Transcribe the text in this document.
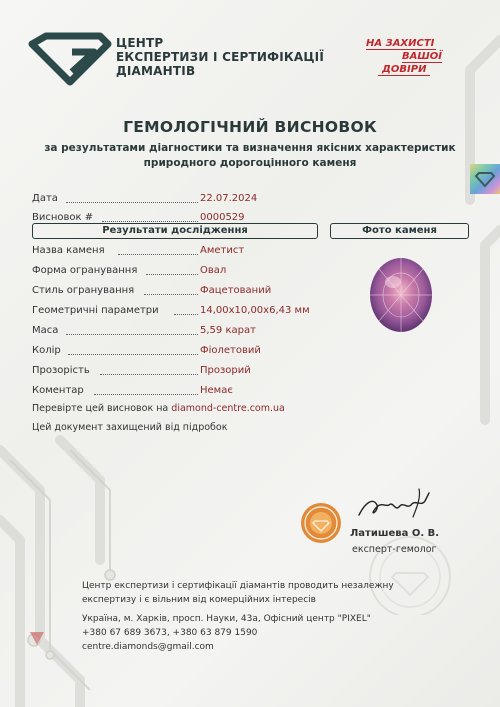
ЦЕНТР
ЕКСПЕРТИЗИ І СЕРТИФІКАЦІЇ
ДІАМАНТІВ
НА ЗАХИСТІ
ВАШОЇ
ДОВІРИ
ГЕМОЛОГІЧНИЙ ВИСНОВОК
за результатами діагностики та визначення якісних характеристик
природного дорогоцінного каменя
Дата	22.07.2024
Висновок #	0000529
Результати дослідження	Фото каменя
Назва каменя	Аметист
Форма огранування	Овал
Стиль огранування	Фацетований
Геометричні параметри	14,00x10,00x6,43 мм
Маса	5,59 карат
Колір	Фіолетовий
Прозорість	Прозорий
Коментар	Немає
Перевірте цей висновок на diamond-centre.com.ua
Цей документ захищений від підробок
Латишева О. В.
експерт-гемолог
Центр експертизи і сертифікації діамантів проводить незалежну
експертизу і є вільним від комерційних інтересів
Україна, м. Харків, просп. Науки, 43а, Офісний центр "PIXEL"
+380 67 689 3673, +380 63 879 1590
centre.diamonds@gmail.com
